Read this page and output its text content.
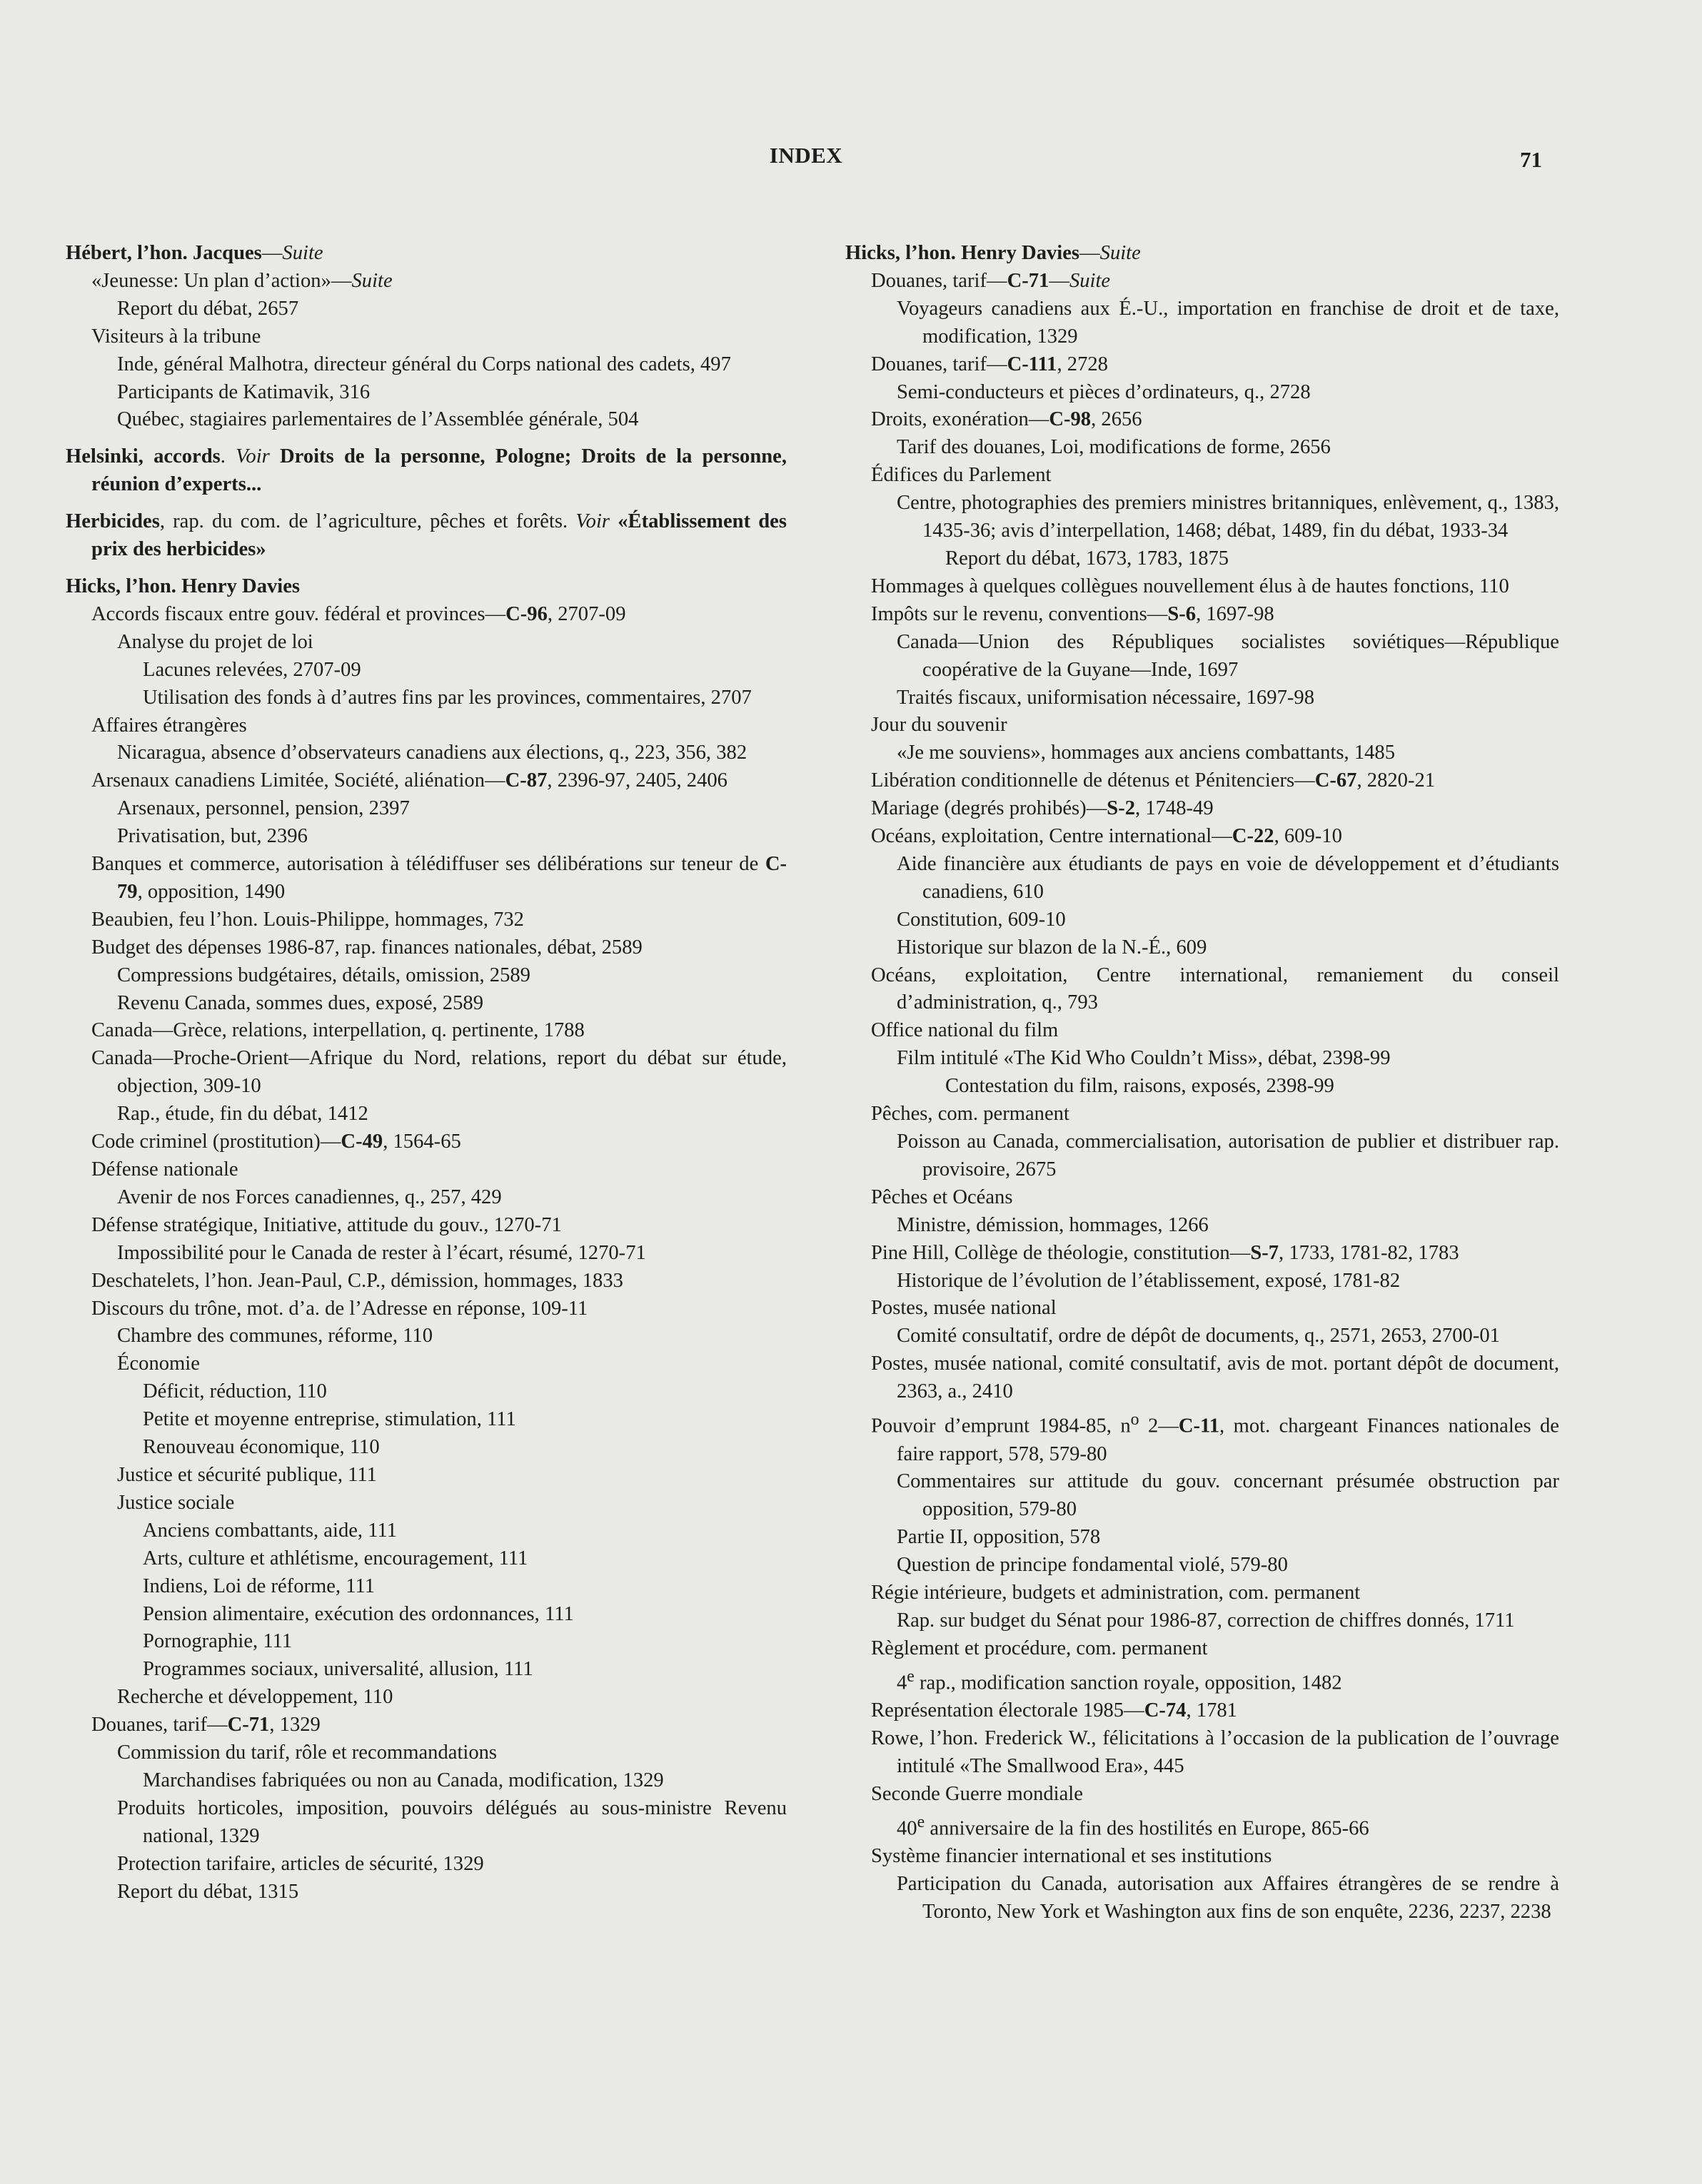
INDEX	71
Hébert, l’hon. Jacques—Suite
«Jeunesse: Un plan d’action»—Suite
Report du débat, 2657
Visiteurs à la tribune
Inde, général Malhotra, directeur général du Corps national des cadets, 497
Participants de Katimavik, 316
Québec, stagiaires parlementaires de l’Assemblée générale, 504
Helsinki, accords. Voir Droits de la personne, Pologne; Droits de la personne, réunion d’experts...
Herbicides, rap. du com. de l’agriculture, pêches et forêts. Voir «Établissement des prix des herbicides»
Hicks, l’hon. Henry Davies
Accords fiscaux entre gouv. fédéral et provinces—C-96, 2707-09
Analyse du projet de loi
Lacunes relevées, 2707-09
Utilisation des fonds à d’autres fins par les provinces, commentaires, 2707
Affaires étrangères
Nicaragua, absence d’observateurs canadiens aux élections, q., 223, 356, 382
Arsenaux canadiens Limitée, Société, aliénation—C-87, 2396-97, 2405, 2406
Arsenaux, personnel, pension, 2397
Privatisation, but, 2396
Banques et commerce, autorisation à télédiffuser ses délibérations sur teneur de C-79, opposition, 1490
Beaubien, feu l’hon. Louis-Philippe, hommages, 732
Budget des dépenses 1986-87, rap. finances nationales, débat, 2589
Compressions budgétaires, détails, omission, 2589
Revenu Canada, sommes dues, exposé, 2589
Canada—Grèce, relations, interpellation, q. pertinente, 1788
Canada—Proche-Orient—Afrique du Nord, relations, report du débat sur étude, objection, 309-10
Rap., étude, fin du débat, 1412
Code criminel (prostitution)—C-49, 1564-65
Défense nationale
Avenir de nos Forces canadiennes, q., 257, 429
Défense stratégique, Initiative, attitude du gouv., 1270-71
Impossibilité pour le Canada de rester à l’écart, résumé, 1270-71
Deschatelets, l’hon. Jean-Paul, C.P., démission, hommages, 1833
Discours du trône, mot. d’a. de l’Adresse en réponse, 109-11
Chambre des communes, réforme, 110
Économie
Déficit, réduction, 110
Petite et moyenne entreprise, stimulation, 111
Renouveau économique, 110
Justice et sécurité publique, 111
Justice sociale
Anciens combattants, aide, 111
Arts, culture et athlétisme, encouragement, 111
Indiens, Loi de réforme, 111
Pension alimentaire, exécution des ordonnances, 111
Pornographie, 111
Programmes sociaux, universalité, allusion, 111
Recherche et développement, 110
Douanes, tarif—C-71, 1329
Commission du tarif, rôle et recommandations
Marchandises fabriquées ou non au Canada, modification, 1329
Produits horticoles, imposition, pouvoirs délégués au sous-ministre Revenu national, 1329
Protection tarifaire, articles de sécurité, 1329
Report du débat, 1315
Hicks, l’hon. Henry Davies—Suite
Douanes, tarif—C-71—Suite
Voyageurs canadiens aux É.-U., importation en franchise de droit et de taxe, modification, 1329
Douanes, tarif—C-111, 2728
Semi-conducteurs et pièces d’ordinateurs, q., 2728
Droits, exonération—C-98, 2656
Tarif des douanes, Loi, modifications de forme, 2656
Édifices du Parlement
Centre, photographies des premiers ministres britanniques, enlèvement, q., 1383, 1435-36; avis d’interpellation, 1468; débat, 1489, fin du débat, 1933-34
Report du débat, 1673, 1783, 1875
Hommages à quelques collègues nouvellement élus à de hautes fonctions, 110
Impôts sur le revenu, conventions—S-6, 1697-98
Canada—Union des Républiques socialistes soviétiques—République coopérative de la Guyane—Inde, 1697
Traités fiscaux, uniformisation nécessaire, 1697-98
Jour du souvenir
«Je me souviens», hommages aux anciens combattants, 1485
Libération conditionnelle de détenus et Pénitenciers—C-67, 2820-21
Mariage (degrés prohibés)—S-2, 1748-49
Océans, exploitation, Centre international—C-22, 609-10
Aide financière aux étudiants de pays en voie de développement et d’étudiants canadiens, 610
Constitution, 609-10
Historique sur blazon de la N.-É., 609
Océans, exploitation, Centre international, remaniement du conseil d’administration, q., 793
Office national du film
Film intitulé «The Kid Who Couldn’t Miss», débat, 2398-99
Contestation du film, raisons, exposés, 2398-99
Pêches, com. permanent
Poisson au Canada, commercialisation, autorisation de publier et distribuer rap. provisoire, 2675
Pêches et Océans
Ministre, démission, hommages, 1266
Pine Hill, Collège de théologie, constitution—S-7, 1733, 1781-82, 1783
Historique de l’évolution de l’établissement, exposé, 1781-82
Postes, musée national
Comité consultatif, ordre de dépôt de documents, q., 2571, 2653, 2700-01
Postes, musée national, comité consultatif, avis de mot. portant dépôt de document, 2363, a., 2410
Pouvoir d’emprunt 1984-85, $n^o$ 2—C-11, mot. chargeant Finances nationales de faire rapport, 578, 579-80
Commentaires sur attitude du gouv. concernant présumée obstruction par opposition, 579-80
Partie II, opposition, 578
Question de principe fondamental violé, 579-80
Régie intérieure, budgets et administration, com. permanent
Rap. sur budget du Sénat pour 1986-87, correction de chiffres donnés, 1711
Règlement et procédure, com. permanent
4e rap., modification sanction royale, opposition, 1482
Représentation électorale 1985—C-74, 1781
Rowe, l’hon. Frederick W., félicitations à l’occasion de la publication de l’ouvrage intitulé «The Smallwood Era», 445
Seconde Guerre mondiale
40e anniversaire de la fin des hostilités en Europe, 865-66
Système financier international et ses institutions
Participation du Canada, autorisation aux Affaires étrangères de se rendre à Toronto, New York et Washington aux fins de son enquête, 2236, 2237, 2238
